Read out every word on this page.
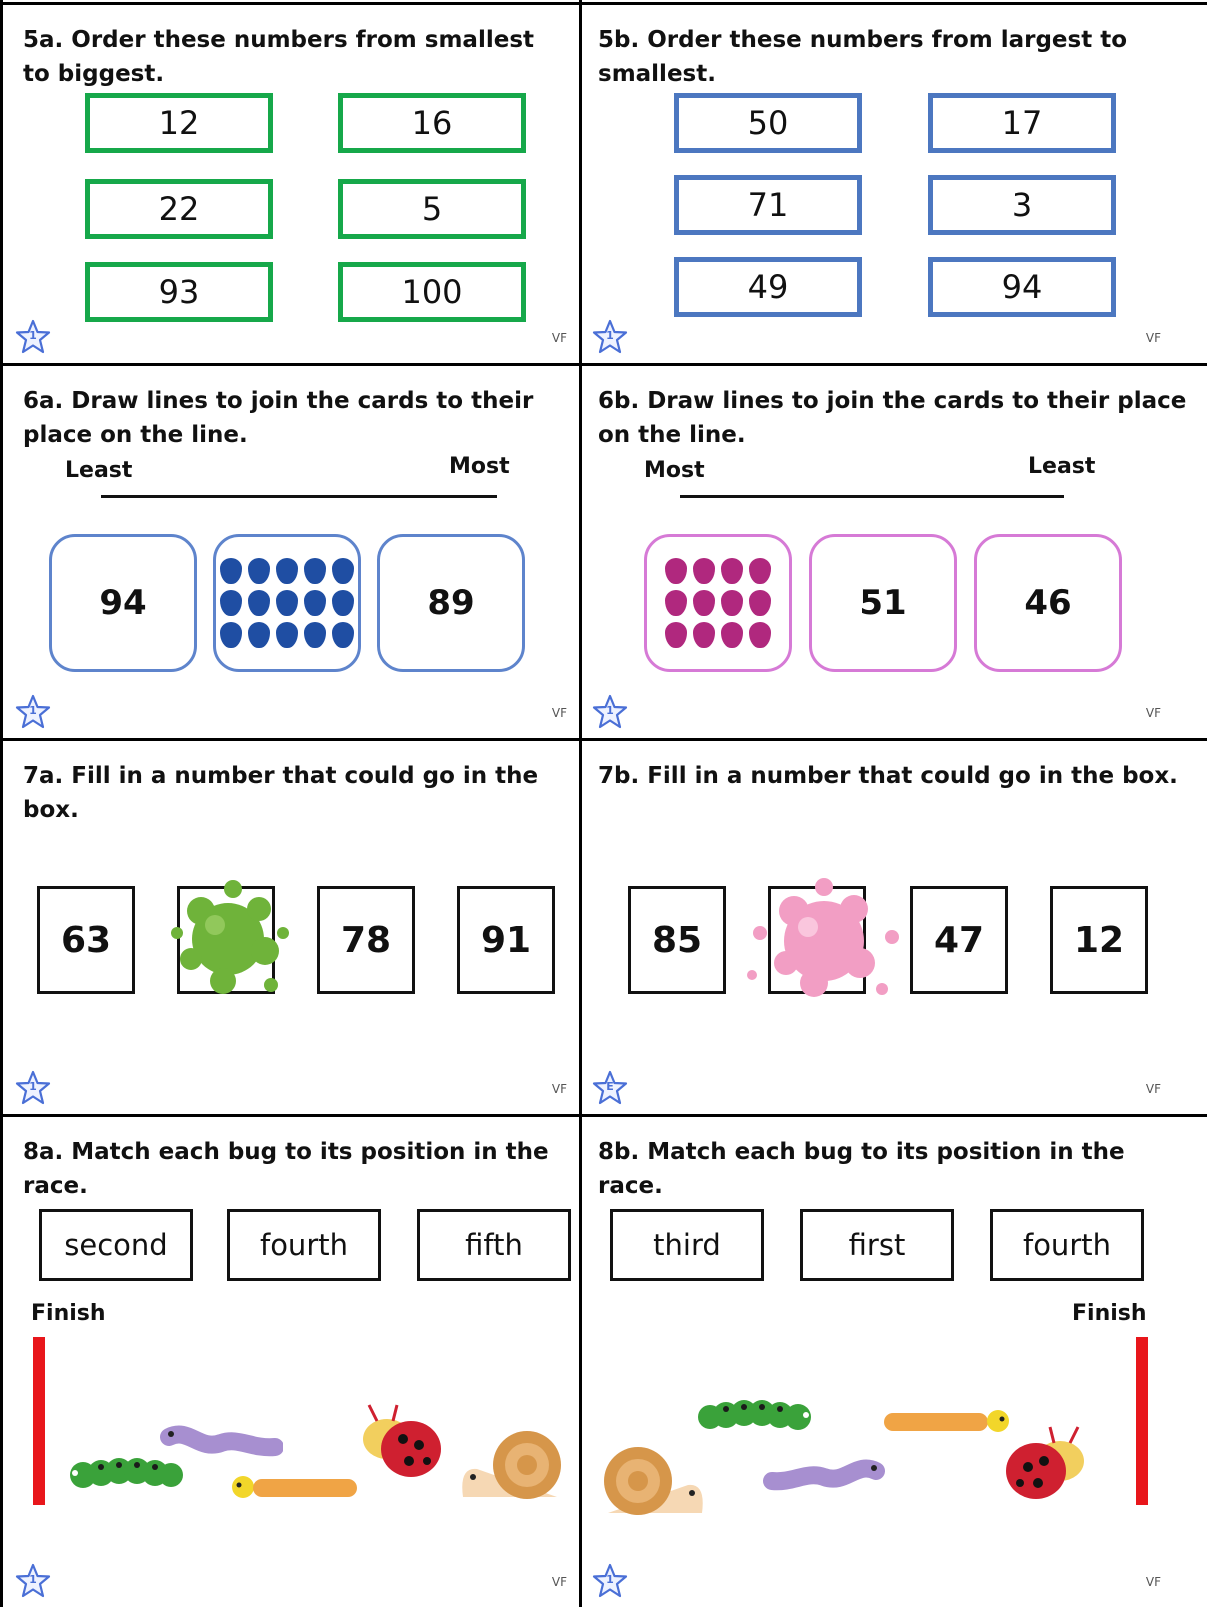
5a. Order these numbers from smallest to biggest.

12	16
22	5
93	100
1	VF

5b. Order these numbers from largest to smallest.

50	17
71	3
49	94
1	VF

6a. Draw lines to join the cards to their place on the line.

Least	Most
94	89
1	VF

6b. Draw lines to join the cards to their place on the line.

Most	Least
51	46
1	VF

7a. Fill in a number that could go in the box.

63	78	91
1	VF

7b. Fill in a number that could go in the box.

85	47	12
E	VF

8a. Match each bug to its position in the race.

second	fourth	fifth
Finish
1	VF

8b. Match each bug to its position in the race.

third	first	fourth
Finish
1	VF
